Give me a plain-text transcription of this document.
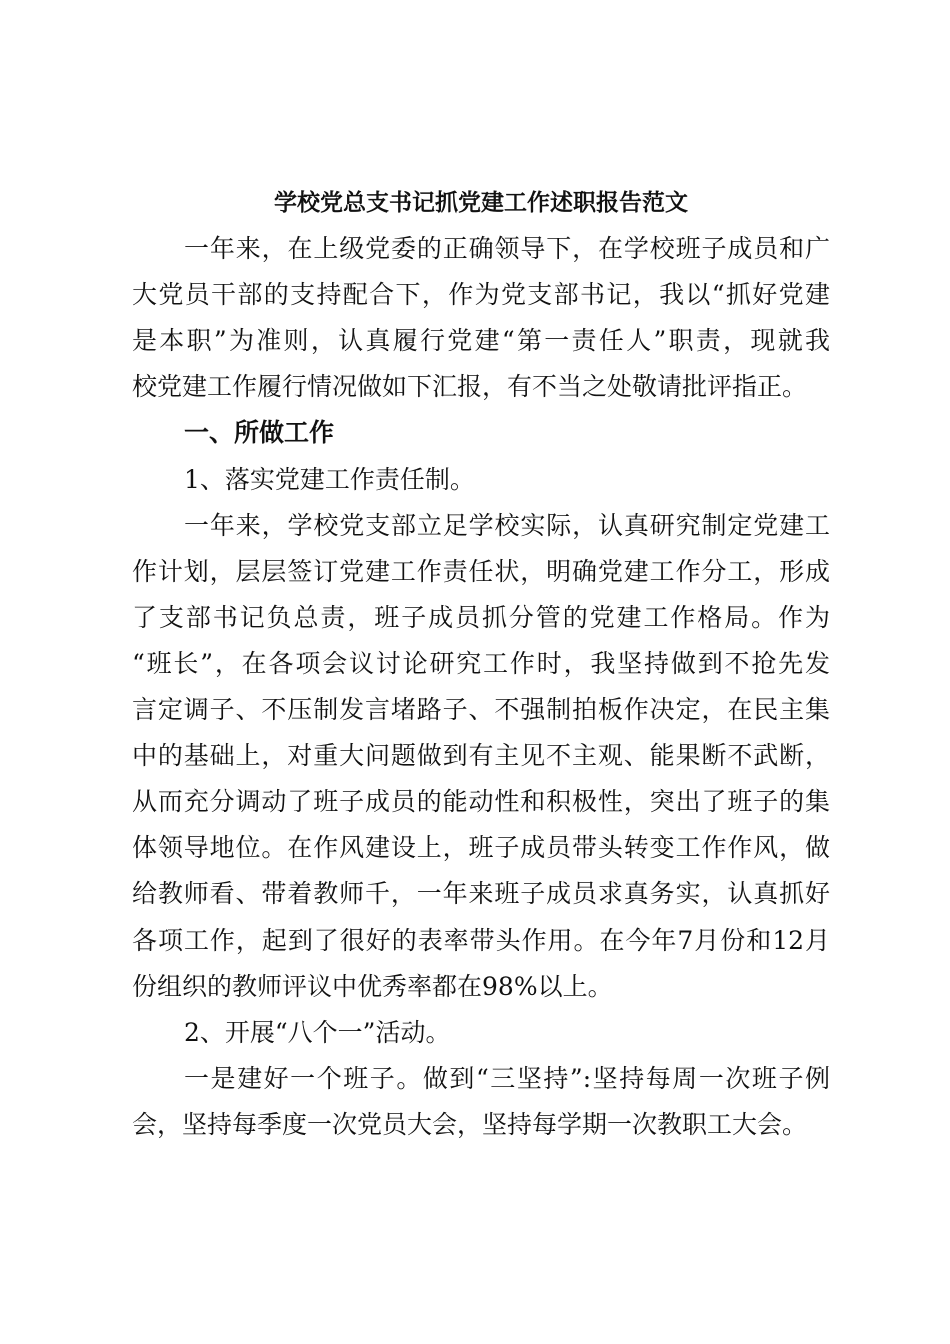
学校党总支书记抓党建工作述职报告范文
一年来，在上级党委的正确领导下，在学校班子成员和广
大党员干部的支持配合下，作为党支部书记，我以“抓好党建
是本职”为准则，认真履行党建“第一责任人”职责，现就我
校党建工作履行情况做如下汇报，有不当之处敬请批评指正。
一、所做工作
1、落实党建工作责任制。
一年来，学校党支部立足学校实际，认真研究制定党建工
作计划，层层签订党建工作责任状，明确党建工作分工，形成
了支部书记负总责，班子成员抓分管的党建工作格局。作为
“班长”，在各项会议讨论研究工作时，我坚持做到不抢先发
言定调子、不压制发言堵路子、不强制拍板作决定，在民主集
中的基础上，对重大问题做到有主见不主观、能果断不武断，
从而充分调动了班子成员的能动性和积极性，突出了班子的集
体领导地位。在作风建设上，班子成员带头转变工作作风，做
给教师看、带着教师千，一年来班子成员求真务实，认真抓好
各项工作，起到了很好的表率带头作用。在今年7月份和12月
份组织的教师评议中优秀率都在98%以上。
2、开展“八个一”活动。
一是建好一个班子。做到“三坚持”:坚持每周一次班子例
会，坚持每季度一次党员大会，坚持每学期一次教职工大会。
